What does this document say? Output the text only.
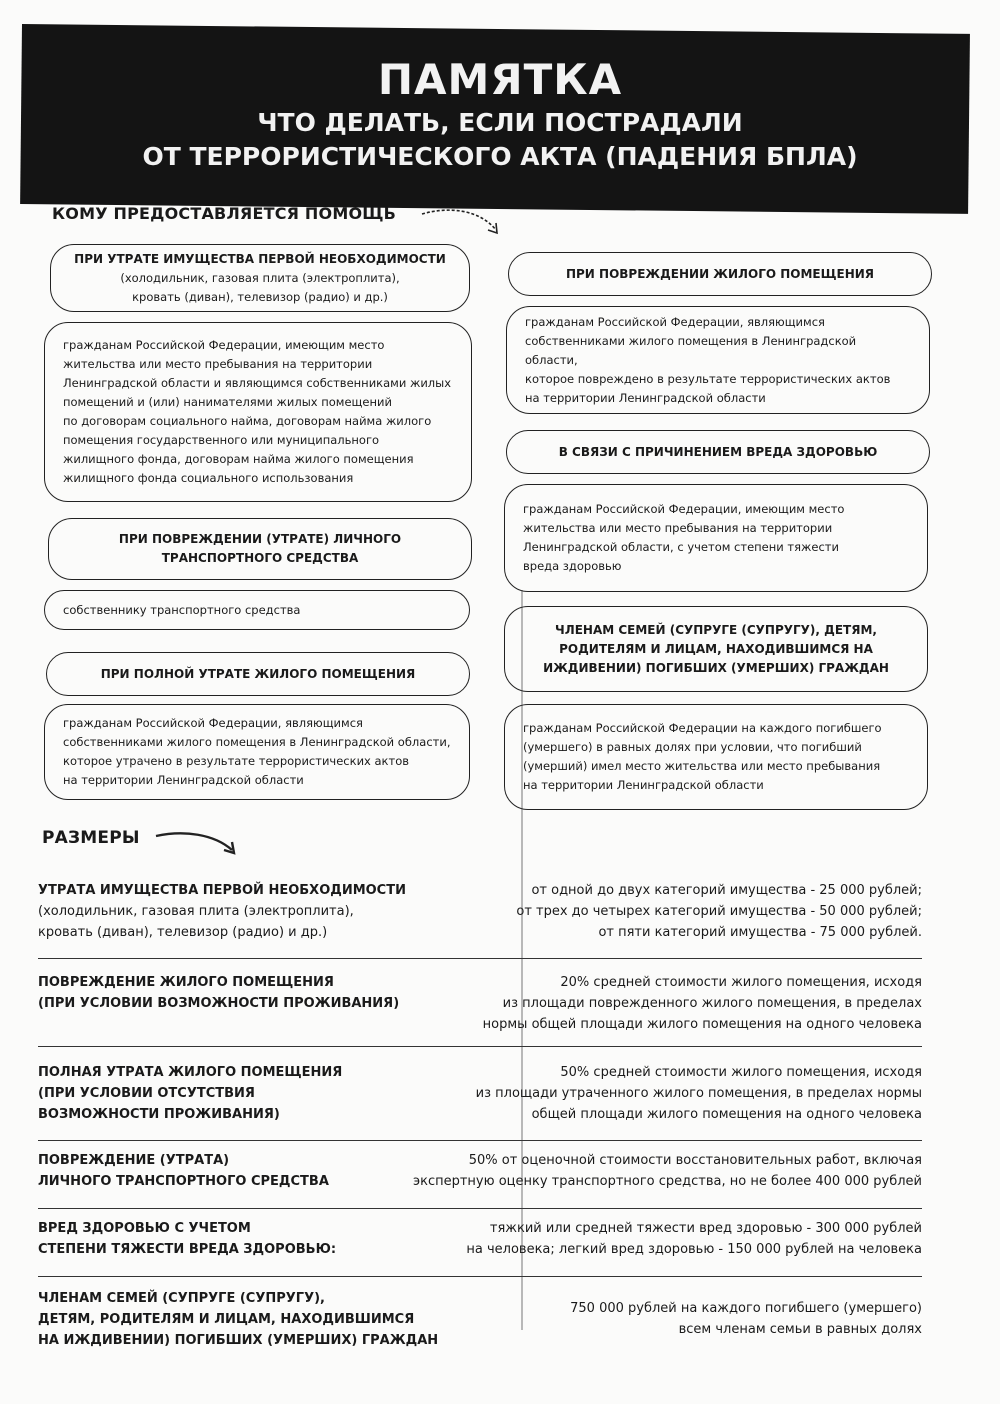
ПАМЯТКА
ЧТО ДЕЛАТЬ, ЕСЛИ ПОСТРАДАЛИ
ОТ ТЕРРОРИСТИЧЕСКОГО АКТА (ПАДЕНИЯ БПЛА)
КОМУ ПРЕДОСТАВЛЯЕТСЯ ПОМОЩЬ
ПРИ УТРАТЕ ИМУЩЕСТВА ПЕРВОЙ НЕОБХОДИМОСТИ
(холодильник, газовая плита (электроплита),
кровать (диван), телевизор (радио) и др.)
гражданам Российской Федерации, имеющим место
жительства или место пребывания на территории
Ленинградской области и являющимся собственниками жилых
помещений и (или) нанимателями жилых помещений
по договорам социального найма, договорам найма жилого
помещения государственного или муниципального
жилищного фонда, договорам найма жилого помещения
жилищного фонда социального использования
ПРИ ПОВРЕЖДЕНИИ (УТРАТЕ) ЛИЧНОГО
ТРАНСПОРТНОГО СРЕДСТВА
собственнику транспортного средства
ПРИ ПОЛНОЙ УТРАТЕ ЖИЛОГО ПОМЕЩЕНИЯ
гражданам Российской Федерации, являющимся
собственниками жилого помещения в Ленинградской области,
которое утрачено в результате террористических актов
на территории Ленинградской области
ПРИ ПОВРЕЖДЕНИИ ЖИЛОГО ПОМЕЩЕНИЯ
гражданам Российской Федерации, являющимся
собственниками жилого помещения в Ленинградской области,
которое повреждено в результате террористических актов
на территории Ленинградской области
В СВЯЗИ С ПРИЧИНЕНИЕМ ВРЕДА ЗДОРОВЬЮ
гражданам Российской Федерации, имеющим место
жительства или место пребывания на территории
Ленинградской области, с учетом степени тяжести
вреда здоровью
ЧЛЕНАМ СЕМЕЙ (СУПРУГЕ (СУПРУГУ), ДЕТЯМ,
РОДИТЕЛЯМ И ЛИЦАМ, НАХОДИВШИМСЯ НА
ИЖДИВЕНИИ) ПОГИБШИХ (УМЕРШИХ) ГРАЖДАН
гражданам Российской Федерации на каждого погибшего
(умершего) в равных долях при условии, что погибший
(умерший) имел место жительства или место пребывания
на территории Ленинградской области
РАЗМЕРЫ
УТРАТА ИМУЩЕСТВА ПЕРВОЙ НЕОБХОДИМОСТИ
(холодильник, газовая плита (электроплита),
кровать (диван), телевизор (радио) и др.)
от одной до двух категорий имущества - 25 000 рублей;
от трех до четырех категорий имущества - 50 000 рублей;
от пяти категорий имущества - 75 000 рублей.
ПОВРЕЖДЕНИЕ ЖИЛОГО ПОМЕЩЕНИЯ
(ПРИ УСЛОВИИ ВОЗМОЖНОСТИ ПРОЖИВАНИЯ)
20% средней стоимости жилого помещения, исходя
из площади поврежденного жилого помещения, в пределах
нормы общей площади жилого помещения на одного человека
ПОЛНАЯ УТРАТА ЖИЛОГО ПОМЕЩЕНИЯ
(ПРИ УСЛОВИИ ОТСУТСТВИЯ
ВОЗМОЖНОСТИ ПРОЖИВАНИЯ)
50% средней стоимости жилого помещения, исходя
из площади утраченного жилого помещения, в пределах нормы
общей площади жилого помещения на одного человека
ПОВРЕЖДЕНИЕ (УТРАТА)
ЛИЧНОГО ТРАНСПОРТНОГО СРЕДСТВА
50% от оценочной стоимости восстановительных работ, включая
экспертную оценку транспортного средства, но не более 400 000 рублей
ВРЕД ЗДОРОВЬЮ С УЧЕТОМ
СТЕПЕНИ ТЯЖЕСТИ ВРЕДА ЗДОРОВЬЮ:
тяжкий или средней тяжести вред здоровью - 300 000 рублей
на человека; легкий вред здоровью - 150 000 рублей на человека
ЧЛЕНАМ СЕМЕЙ (СУПРУГЕ (СУПРУГУ),
ДЕТЯМ, РОДИТЕЛЯМ И ЛИЦАМ, НАХОДИВШИМСЯ
НА ИЖДИВЕНИИ) ПОГИБШИХ (УМЕРШИХ) ГРАЖДАН
750 000 рублей на каждого погибшего (умершего)
всем членам семьи в равных долях
